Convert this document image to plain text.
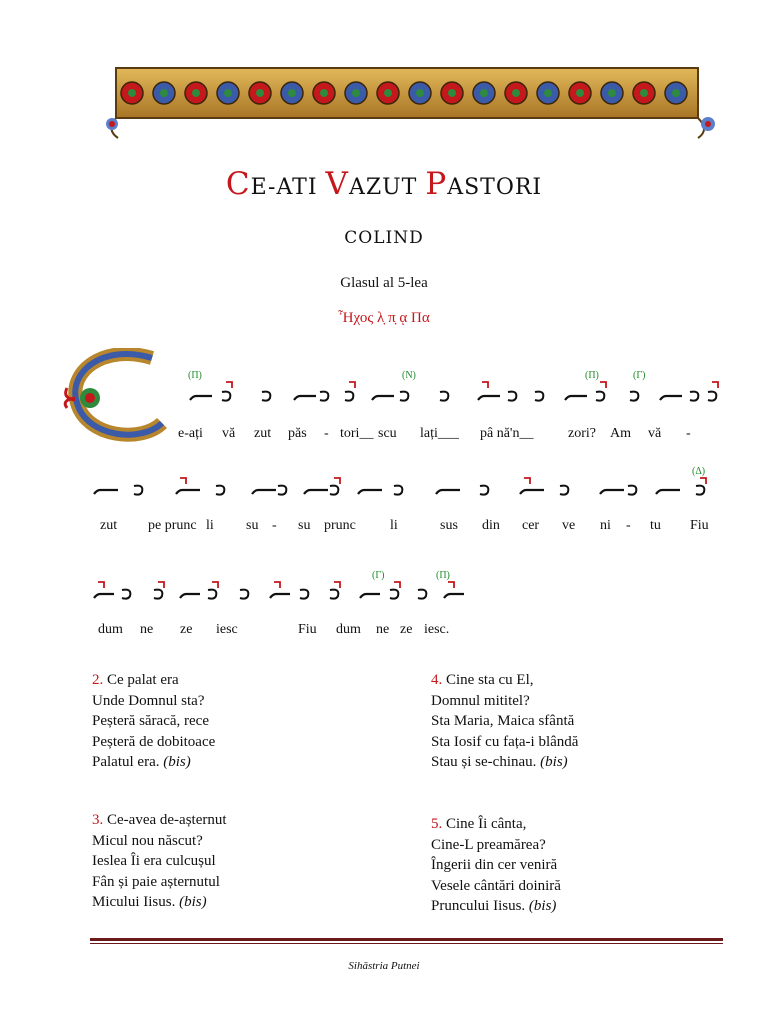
CE-ATI VAZUT PASTORI
COLIND
Glasul al 5-lea
Ἦχος λ̣ π̣ ᾳ Πα
(Π)	(Ν)	(Π)	(Γ)
(Δ)
(Γ)	(Π)
e-ați vă zut păs - tori__ scu lați___ pâ nă'n__ zori? Am vă -
zut pe prunc li su - su prunc li	sus din cer ve ni - tu Fiu
dum ne ze iesc	Fiu dum ne ze iesc.
2. Ce palat era
Unde Domnul sta?
Peșteră săracă, rece
Peșteră de dobitoace
Palatul era. (bis)
4. Cine sta cu El,
Domnul mititel?
Sta Maria, Maica sfântă
Sta Iosif cu fața-i blândă
Stau și se-chinau. (bis)
3. Ce-avea de-așternut
Micul nou născut?
Ieslea Îi era culcușul
Fân și paie așternutul
Micului Iisus. (bis)
5. Cine Îi cânta,
Cine-L preamărea?
Îngerii din cer veniră
Vesele cântări doiniră
Pruncului Iisus. (bis)
Sihăstria Putnei
